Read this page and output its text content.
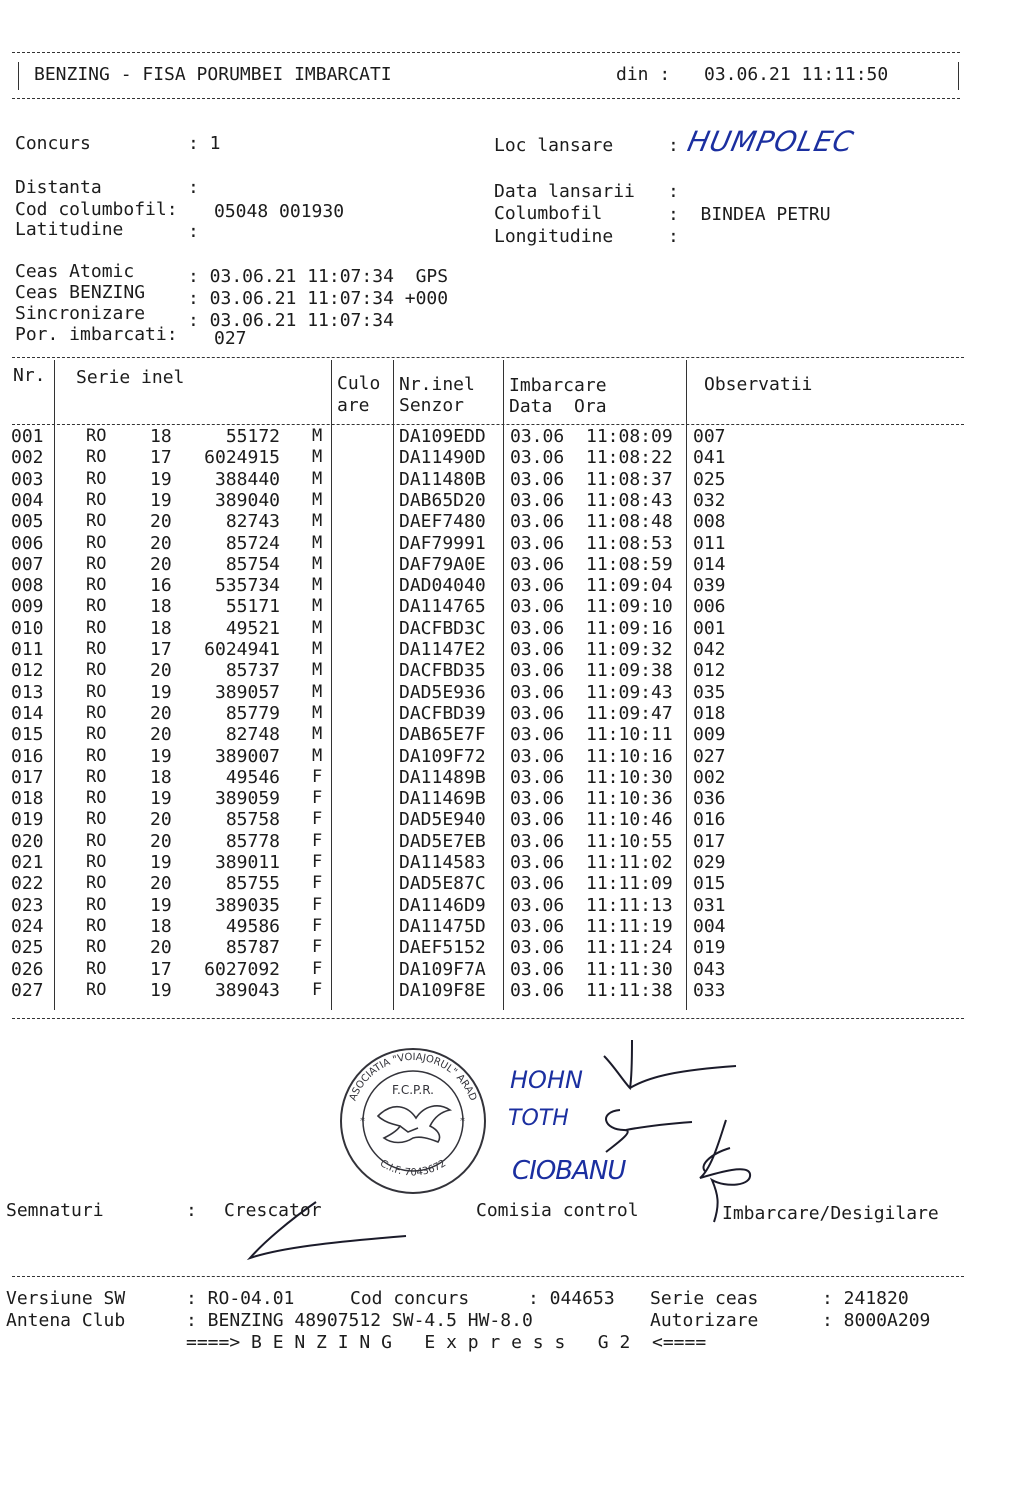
BENZING - FISA PORUMBEI IMBARCATI	din : 03.06.21 11:11:50
Concurs	: 1	Loc lansare	: HUMPOLEC
Distanta	:	Data lansarii :
Cod columbofil: 05048 001930	Columbofil	:  BINDEA PETRU
Latitudine	:	Longitudine	:
Ceas Atomic	: 03.06.21 11:07:34  GPS
Ceas BENZING : 03.06.21 11:07:34 +000
Sincronizare : 03.06.21 11:07:34
Por. imbarcati: 027
Nr. Serie inel	Culo
are
Nr.inel
Senzor
Imbarcare
Data  Ora
Observatii
001 RO 18	55172 M	DA109EDD 03.06 11:08:09 007
002 RO 17	6024915 M	DA11490D 03.06 11:08:22 041
003 RO 19	388440 M	DA11480B 03.06 11:08:37 025
004 RO 19	389040 M	DAB65D20 03.06 11:08:43 032
005 RO 20	82743 M	DAEF7480 03.06 11:08:48 008
006 RO 20	85724 M	DAF79991 03.06 11:08:53 011
007 RO 20	85754 M	DAF79A0E 03.06 11:08:59 014
008 RO 16	535734 M	DAD04040 03.06 11:09:04 039
009 RO 18	55171 M	DA114765 03.06 11:09:10 006
010 RO 18	49521 M	DACFBD3C 03.06 11:09:16 001
011 RO 17	6024941 M	DA1147E2 03.06 11:09:32 042
012 RO 20	85737 M	DACFBD35 03.06 11:09:38 012
013 RO 19	389057 M	DAD5E936 03.06 11:09:43 035
014 RO 20	85779 M	DACFBD39 03.06 11:09:47 018
015 RO 20	82748 M	DAB65E7F 03.06 11:10:11 009
016 RO 19	389007 M	DA109F72 03.06 11:10:16 027
017 RO 18	49546 F	DA11489B 03.06 11:10:30 002
018 RO 19	389059 F	DA11469B 03.06 11:10:36 036
019 RO 20	85758 F	DAD5E940 03.06 11:10:46 016
020 RO 20	85778 F	DAD5E7EB 03.06 11:10:55 017
021 RO 19	389011 F	DA114583 03.06 11:11:02 029
022 RO 20	85755 F	DAD5E87C 03.06 11:11:09 015
023 RO 19	389035 F	DA1146D9 03.06 11:11:13 031
024 RO 18	49586 F	DA11475D 03.06 11:11:19 004
025 RO 20	85787 F	DAEF5152 03.06 11:11:24 019
026 RO 17	6027092 F	DA109F7A 03.06 11:11:30 043
027 RO 19	389043 F	DA109F8E 03.06 11:11:38 033
ASOCIATIA "VOIAJORUL" ARAD
F.C.P.R.
C.I.F. 7043672
*	*
HOHN
TOTH
CIOBANU
Semnaturi	: Crescator	Comisia control	Imbarcare/Desigilare
Versiune SW	: RO-04.01	Cod concurs	: 044653 Serie ceas	: 241820
Antena Club	: BENZING 48907512 SW-4.5 HW-8.0	Autorizare	: 8000A209
====> B E N Z I N G   E x p r e s s   G 2  <====
